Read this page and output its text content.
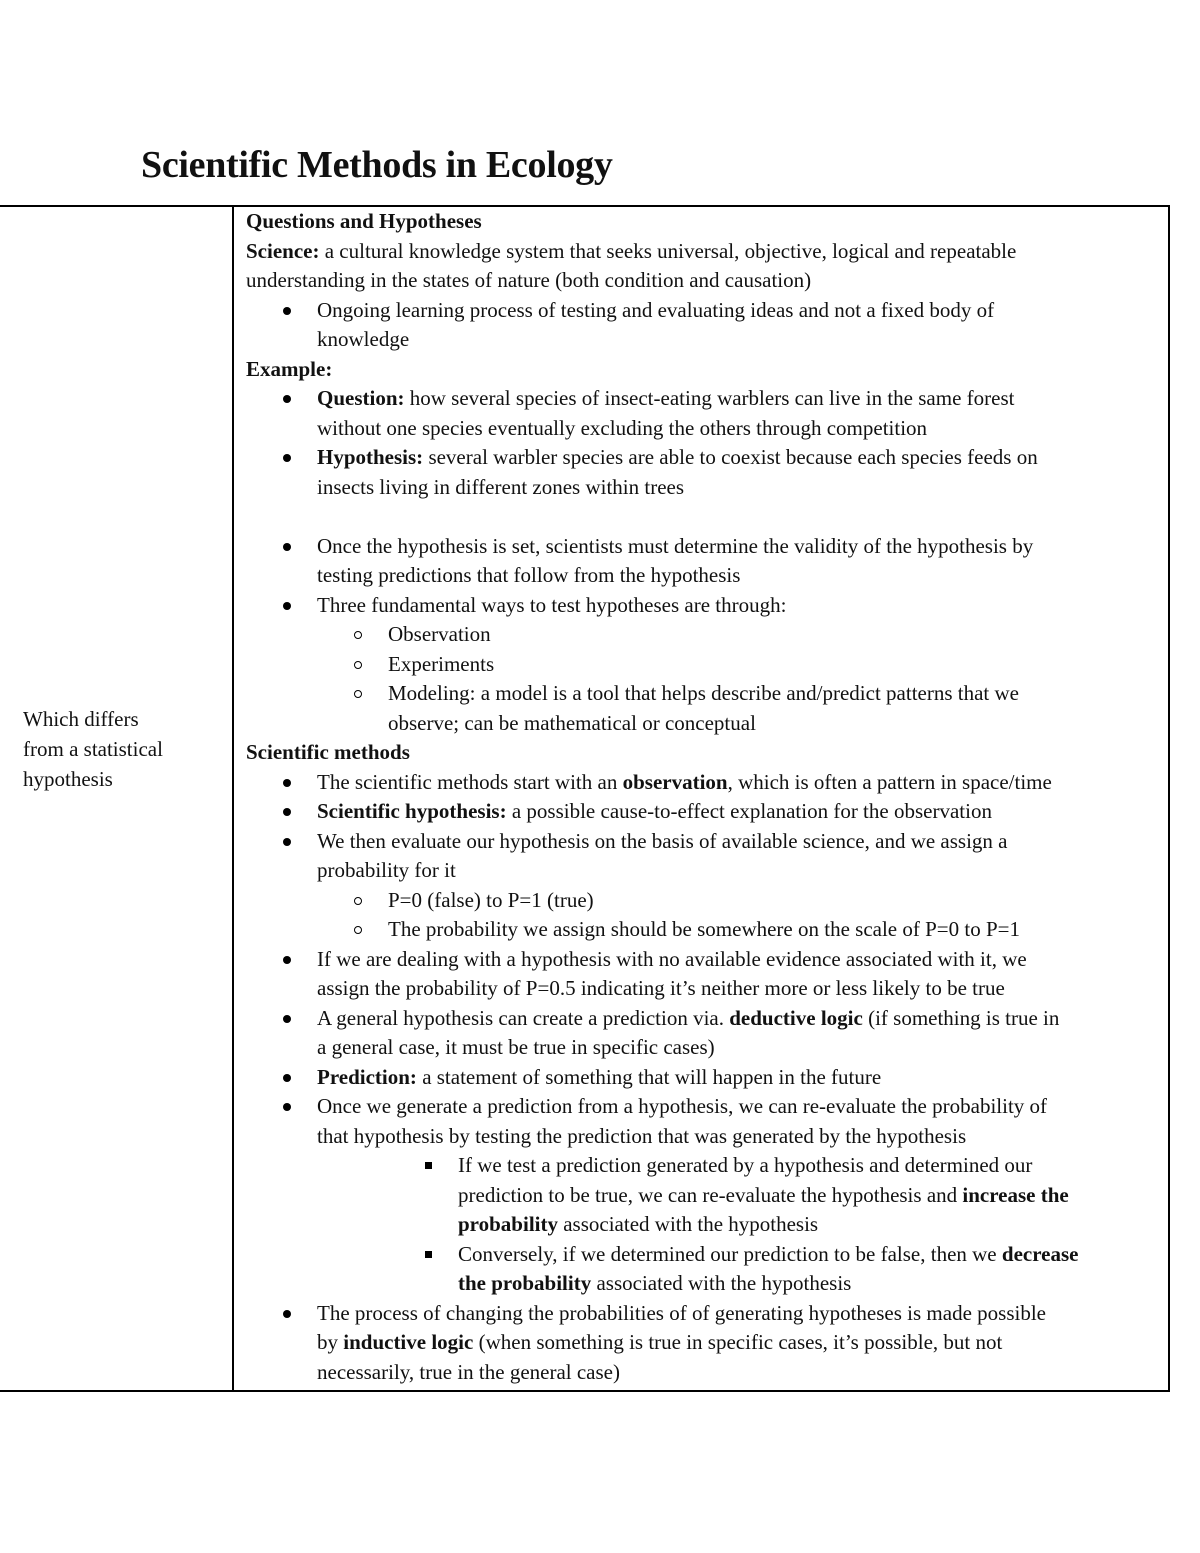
Scientific Methods in Ecology
Which differs
from a statistical
hypothesis
Questions and Hypotheses
Science: a cultural knowledge system that seeks universal, objective, logical and repeatable
understanding in the states of nature (both condition and causation)
Ongoing learning process of testing and evaluating ideas and not a fixed body of
knowledge
Example:
Question: how several species of insect-eating warblers can live in the same forest
without one species eventually excluding the others through competition
Hypothesis: several warbler species are able to coexist because each species feeds on
insects living in different zones within trees
Once the hypothesis is set, scientists must determine the validity of the hypothesis by
testing predictions that follow from the hypothesis
Three fundamental ways to test hypotheses are through:
Observation
Experiments
Modeling: a model is a tool that helps describe and/predict patterns that we
observe; can be mathematical or conceptual
Scientific methods
The scientific methods start with an observation, which is often a pattern in space/time
Scientific hypothesis: a possible cause-to-effect explanation for the observation
We then evaluate our hypothesis on the basis of available science, and we assign a
probability for it
P=0 (false) to P=1 (true)
The probability we assign should be somewhere on the scale of P=0 to P=1
If we are dealing with a hypothesis with no available evidence associated with it, we
assign the probability of P=0.5 indicating it’s neither more or less likely to be true
A general hypothesis can create a prediction via. deductive logic (if something is true in
a general case, it must be true in specific cases)
Prediction: a statement of something that will happen in the future
Once we generate a prediction from a hypothesis, we can re-evaluate the probability of
that hypothesis by testing the prediction that was generated by the hypothesis
If we test a prediction generated by a hypothesis and determined our
prediction to be true, we can re-evaluate the hypothesis and increase the
probability associated with the hypothesis
Conversely, if we determined our prediction to be false, then we decrease
the probability associated with the hypothesis
The process of changing the probabilities of of generating hypotheses is made possible
by inductive logic (when something is true in specific cases, it’s possible, but not
necessarily, true in the general case)
